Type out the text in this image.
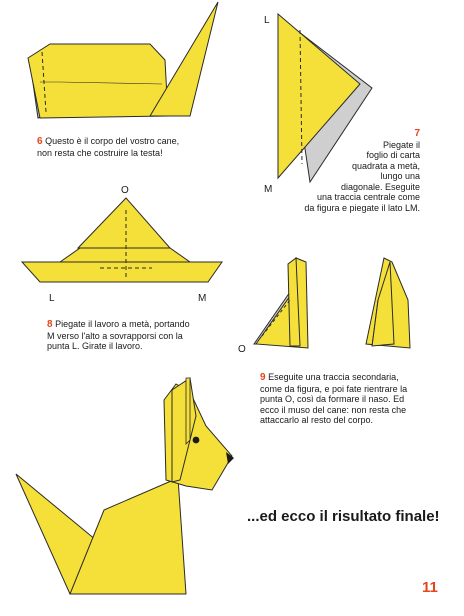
6 Questo è il corpo del vostro cane,
non resta che costruire la testa!
L
M
7
Piegate il
foglio di carta
quadrata a metà,
lungo una
diagonale. Eseguite
una traccia centrale come
da figura e piegate il lato LM.
O
L	M
8 Piegate il lavoro a metà, portando
M verso l'alto a sovrapporsi con la
punta L. Girate il lavoro.	O
9 Eseguite una traccia secondaria,
come da figura, e poi fate rientrare la
punta O, così da formare il naso. Ed
ecco il muso del cane: non resta che
attaccarlo al resto del corpo.
...ed ecco il risultato finale!
11
